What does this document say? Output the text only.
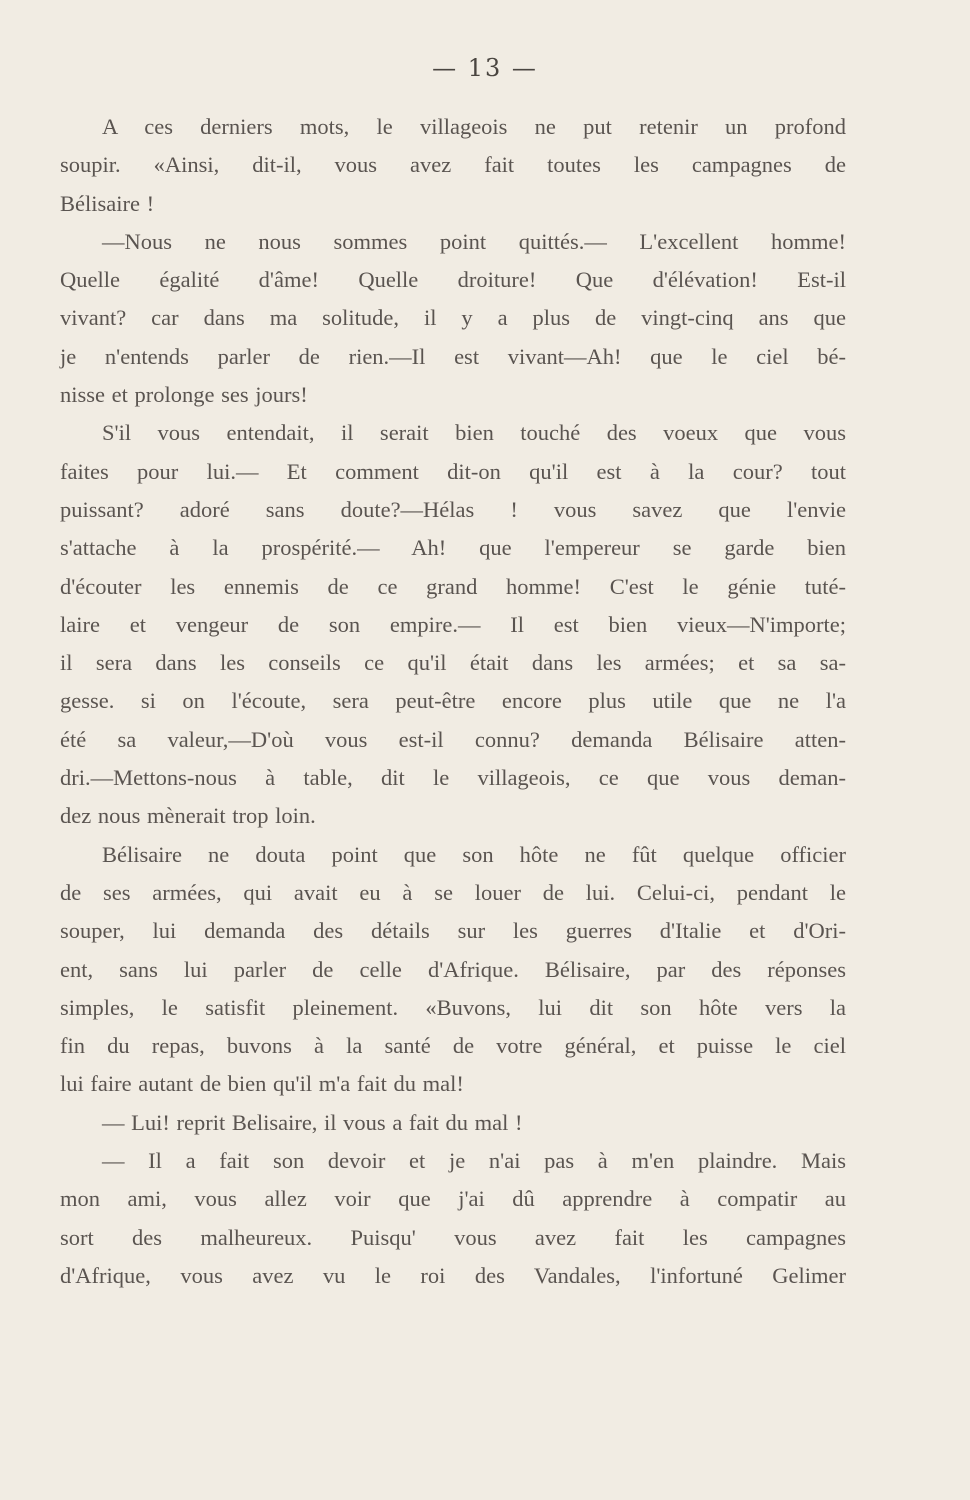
— 13 —
A ces derniers mots, le villageois ne put retenir un profond
soupir. «Ainsi, dit-il, vous avez fait toutes les campagnes de
Bélisaire !
—Nous ne nous sommes point quittés.— L'excellent homme!
Quelle égalité d'âme! Quelle droiture! Que d'élévation! Est-il
vivant? car dans ma solitude, il y a plus de vingt-cinq ans que
je n'entends parler de rien.—Il est vivant—Ah! que le ciel bé-
nisse et prolonge ses jours!
S'il vous entendait, il serait bien touché des voeux que vous
faites pour lui.— Et comment dit-on qu'il est à la cour? tout
puissant? adoré sans doute?—Hélas ! vous savez que l'envie
s'attache à la prospérité.— Ah! que l'empereur se garde bien
d'écouter les ennemis de ce grand homme! C'est le génie tuté-
laire et vengeur de son empire.— Il est bien vieux—N'importe;
il sera dans les conseils ce qu'il était dans les armées; et sa sa-
gesse. si on l'écoute, sera peut-être encore plus utile que ne l'a
été sa valeur,—D'où vous est-il connu? demanda Bélisaire atten-
dri.—Mettons-nous à table, dit le villageois, ce que vous deman-
dez nous mènerait trop loin.
Bélisaire ne douta point que son hôte ne fût quelque officier
de ses armées, qui avait eu à se louer de lui. Celui-ci, pendant le
souper, lui demanda des détails sur les guerres d'Italie et d'Ori-
ent, sans lui parler de celle d'Afrique. Bélisaire, par des réponses
simples, le satisfit pleinement. «Buvons, lui dit son hôte vers la
fin du repas, buvons à la santé de votre général, et puisse le ciel
lui faire autant de bien qu'il m'a fait du mal!
— Lui! reprit Belisaire, il vous a fait du mal !
— Il a fait son devoir et je n'ai pas à m'en plaindre. Mais
mon ami, vous allez voir que j'ai dû apprendre à compatir au
sort des malheureux. Puisqu' vous avez fait les campagnes
d'Afrique, vous avez vu le roi des Vandales, l'infortuné Gelimer
